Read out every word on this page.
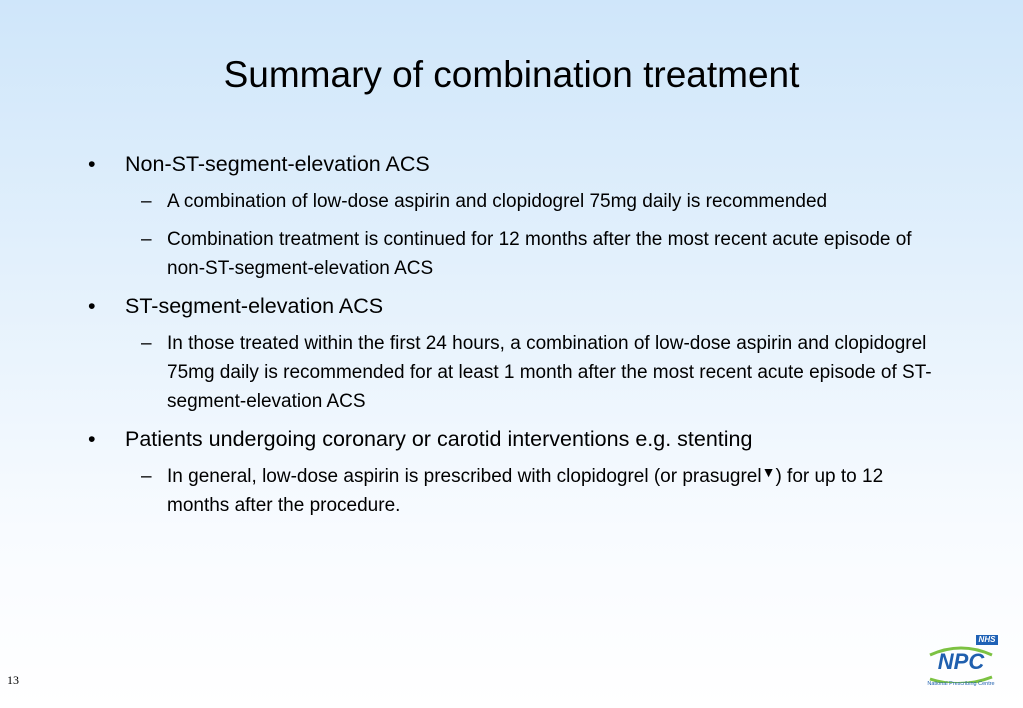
Summary of combination treatment
• Non-ST-segment-elevation ACS
– A combination of low-dose aspirin and clopidogrel 75mg daily is recommended
– Combination treatment is continued for 12 months after the most recent acute episode of non-ST-segment-elevation ACS
• ST-segment-elevation ACS
– In those treated within the first 24 hours, a combination of low-dose aspirin and clopidogrel 75mg daily is recommended for at least 1 month after the most recent acute episode of ST-segment-elevation ACS
• Patients undergoing coronary or carotid interventions e.g. stenting
– In general, low-dose aspirin is prescribed with clopidogrel (or prasugrel▼) for up to 12 months after the procedure.
13
NHS
NPC
National Prescribing Centre
